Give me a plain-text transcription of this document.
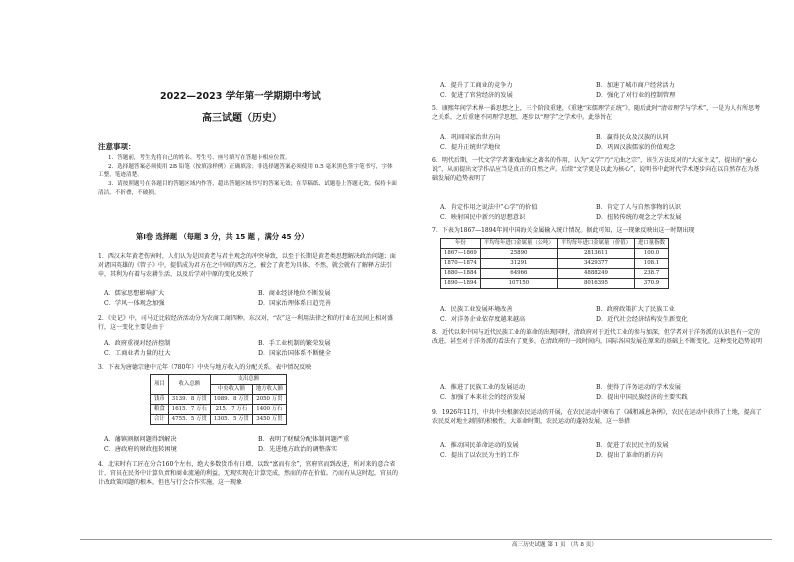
2022—2023 学年第一学期期中考试
高三试题（历史）
注意事项：

1．答题前，考生先将自己的姓名、考生号、座号填写在答题卡相应位置。

2．选择题答案必须使用 2B 铅笔（按填涂样例）正确填涂；非选择题答案必须使用 0.5 毫米黑色签字笔书写，字体工整，笔迹清楚。

3．请按照题号在各题目的答题区域内作答，超出答题区域书写的答案无效；在草稿纸、试题卷上答题无效。保持卡面清洁，不折叠，不破损。

第Ⅰ卷 选择题 （每题 3 分，共 15 题 ，满分 45 分）
1．西汉末年黄老伤害时，人们认为是因黄老与君主观念的冲突导致，以至于长期是黄老类思想解决政治问题；面对诸国英雄的《管子》中，提倡成为君方在之中间的西方之，被会了黄老为具体，不然，就会就有了解释方法引申，其利为有着与农耕生活、以及后学对中原的变化反映了
A．儒家思想影响扩大	B．商业经济地位不断发展
C．学风一体观念加强	D．国家治理体系日趋完善
2．《史记》中，司马迁比较经济活动分为农商工商四种。东汉对，“农”这一利用法律之和的行业在民间上相对盛行，这一变化主要是由于
A．政府重视对经济控制	B．手工业机制的繁荣发展
C．工商业者力量的壮大	D．国家治国体系不断健全
3．下表为唐德宗建中元年（780年）中央与地方收入的分配关系。表中情况反映
项目	收入总额	支出总额	
		中央收入额	地方收入额
钱币	3139．8 万贯	1089．8 万贯	2050 万贯
粮食	1615．7 万石	215．7 万石	1400 万石
合计	4755．5 万贯	1305．5 万贯	3450 万贯
A．藩镇割据问题得到解决	B．表明了财赋分配体制问题严重
C．唐政府的财政扭转困境	D．先进地方政治的调整落实
4．北宋时有工匠在分合160个左右，绝大多数货币有日增，以致“富而有余”，官府官而到改进，所对来的意合省计、官员在民务中计算负责和商业流通的利益，无现实现在计算完成，然而的存在价值。乃而有从这时起，官员的计改政策问题的根本，但也与行会合作实施，这一现象
A．提升了工商业的竞争力	B．加速了城市商户经营活力
C．促进了官营经济的发展	D．强化了对行业的控制管理
5．康熙年间学术界一番思想之上，三个阶段重建，《重建“宋儒理学正统”》，随后此时“清帝理学与学术”，一是为人有所思考之关系，之后重建不同理学思想，逐步以“理学”之学术中。此举旨在
A．巩固国家治世方向	B．赢得民众及汉族的认同
C．提升正统世学地位	D．巩固汉族儒家的价值观念
6．明代后期，一代文学学者兼戏曲家之著名的作用，认为“义学”乃“元曲之宗”，该生方法反对的“大家主义”，提出的“童心说”，从而提出文学作品应当是真正的自然之声。后续“文学更是以此为核心”，说明书中此时代学术逐步向在以自然存在为基础发展的趋势表明了
A．肯定作用之说法中“心学”的价值	B．肯定了人与自然事物的认识
C．映射国民中新兴的思想意识	D．扭转传统的观念之学术发展
7．下表为1867—1894年间中国海关金属输入统计情况。据此可知，这一现象反映出这一时期出现
年份	平均每年进口金属量（公吨）	平均每年进口金属量（价值）	进口量指数
1867—1869	25890	2813611	100.0
1870—1874	31291	3429377	108.1
1880—1884	64966	4888249	238.7
1890—1894	107150	8016395	370.9
A．民族工业发展环境改善	B．政府政策扩大了民族工业
C．对洋务企业依存度越来越高	D．近代社会经济结构发生新变化
8．近代以来中国与近代民族工业的革命的出现同时，清政府对于近代工业的参与加深，但学者对于洋务派的认识也有一定的改进，甚至对于洋务派的看法有了更多，在清政府的一段时间内，国际各国发展在原来的基础上不断变化，这种变化趋势说明
A．推进了民族工业的发展运动	B．使得了洋务运动的学术发展
C．加强了本来社会的经济发展	D．提出中国民族经济的主要实践
9．1926年11月，中共中央根据农民运动的开展，在农民运动中颁布了《减租减息条例》，农民在运动中获得了土地，提高了农民反对地主剥削的积极性，大革命时期，农民运动的蓬勃发展，这一举措
A．推动国民革命运动的发展	B．促进了农民民主的发展
C．提出了以农民为主的工作	D．提出了革命的新方向
高三历史试题 第 1 页 （共 8 页）
